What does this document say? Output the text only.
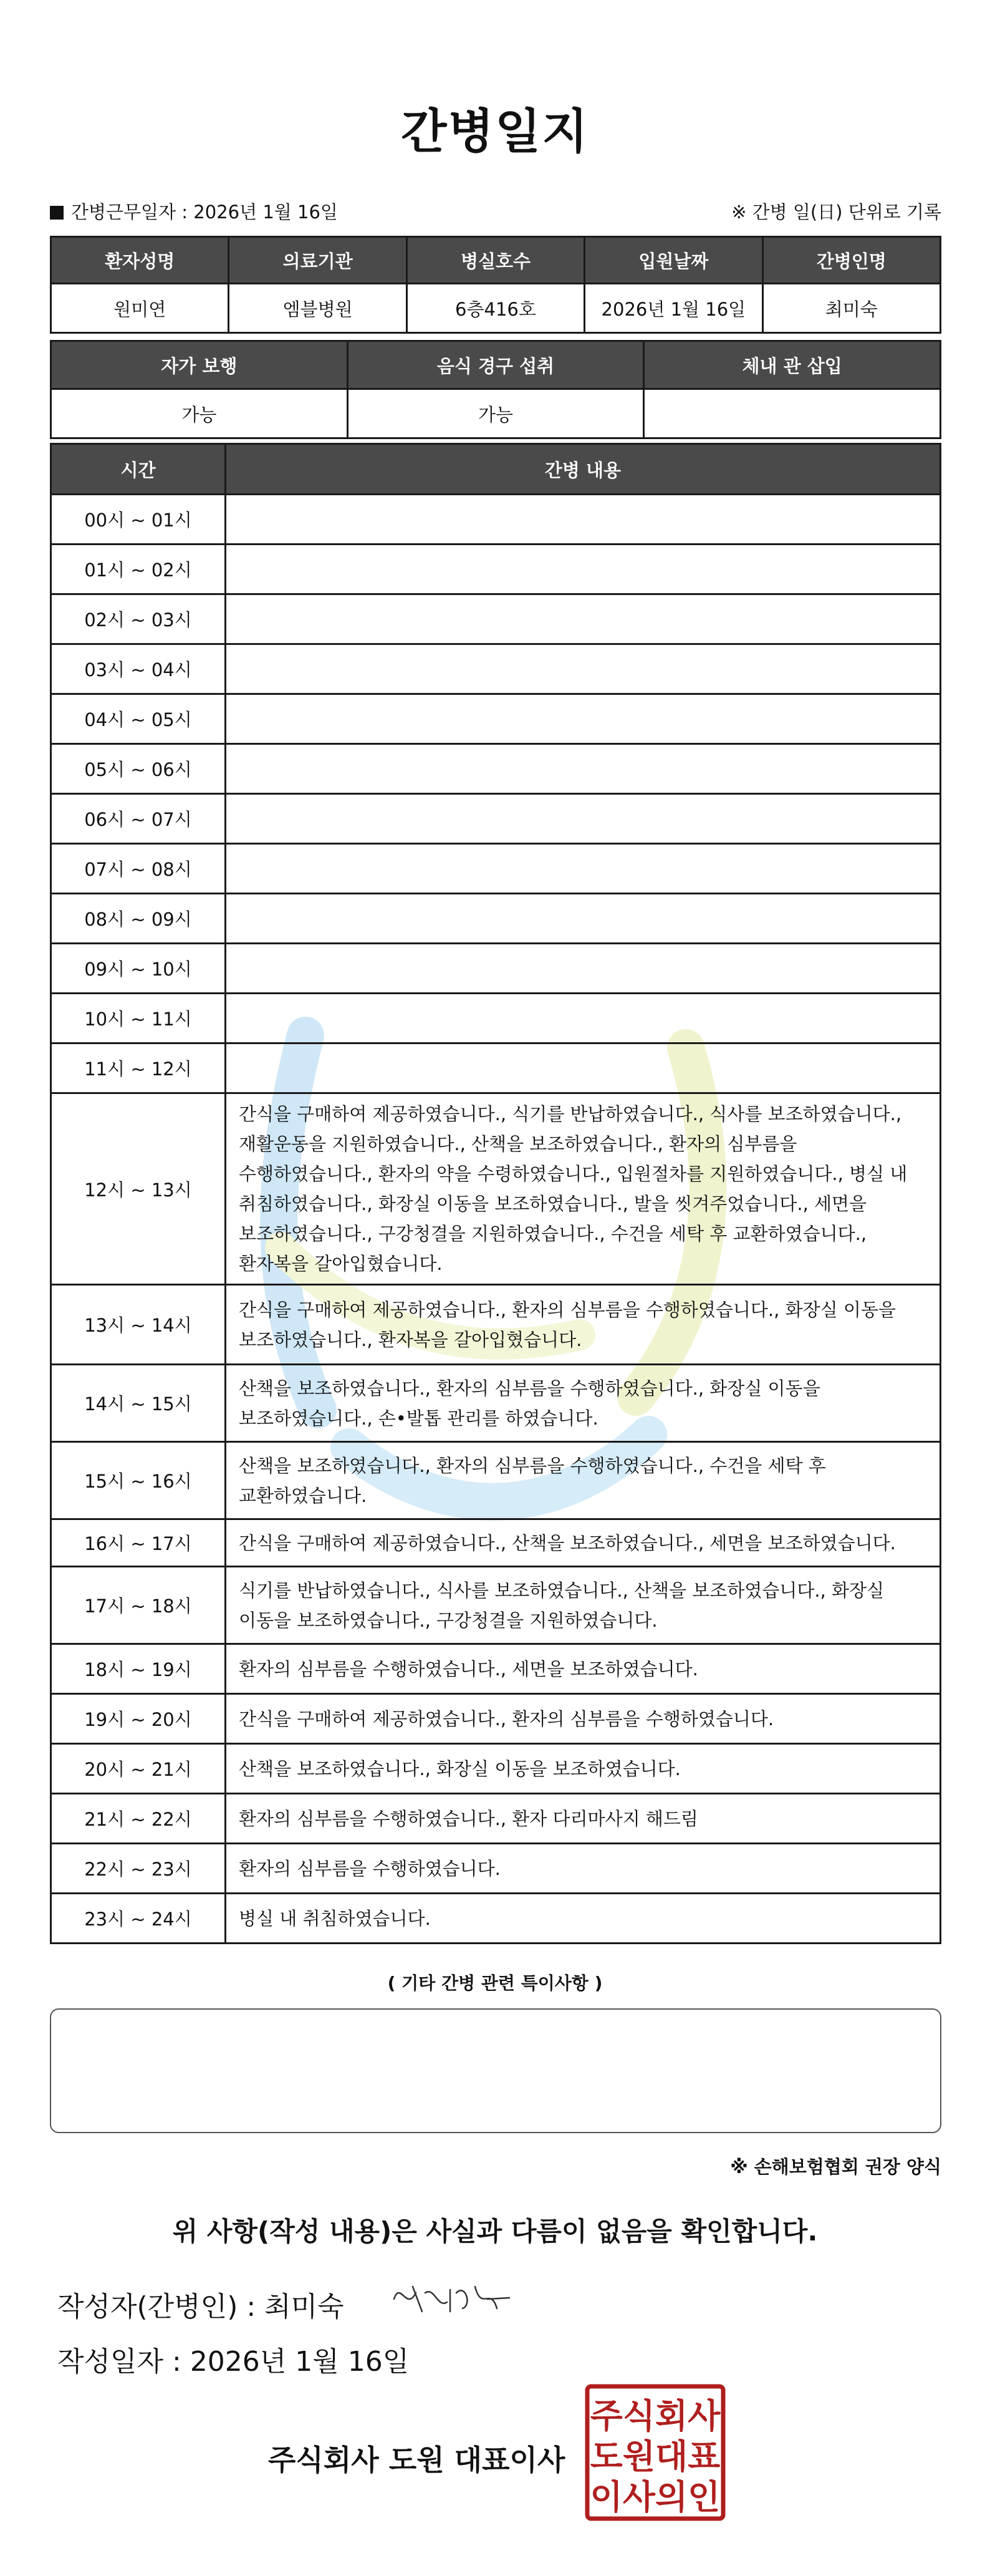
간병일지
간병근무일자 : 2026년 1월 16일	※ 간병 일(日) 단위로 기록
환자성명	의료기관	병실호수	입원날짜	간병인명
원미연	엠블병원	6층416호	2026년 1월 16일	최미숙
자가 보행	음식 경구 섭취	체내 관 삽입
가능	가능	
시간	간병 내용
00시 ~ 01시	
01시 ~ 02시	
02시 ~ 03시	
03시 ~ 04시	
04시 ~ 05시	
05시 ~ 06시	
06시 ~ 07시	
07시 ~ 08시	
08시 ~ 09시	
09시 ~ 10시	
10시 ~ 11시	
11시 ~ 12시	
12시 ~ 13시	간식을 구매하여 제공하였습니다., 식기를 반납하였습니다., 식사를 보조하였습니다., 재활운동을 지원하였습니다., 산책을 보조하였습니다., 환자의 심부름을 수행하였습니다., 환자의 약을 수령하였습니다., 입원절차를 지원하였습니다., 병실 내 취침하였습니다., 화장실 이동을 보조하였습니다., 발을 씻겨주었습니다., 세면을 보조하였습니다., 구강청결을 지원하였습니다., 수건을 세탁 후 교환하였습니다., 환자복을 갈아입혔습니다.
13시 ~ 14시	간식을 구매하여 제공하였습니다., 환자의 심부름을 수행하였습니다., 화장실 이동을 보조하였습니다., 환자복을 갈아입혔습니다.
14시 ~ 15시	산책을 보조하였습니다., 환자의 심부름을 수행하였습니다., 화장실 이동을 보조하였습니다., 손•발톱 관리를 하였습니다.
15시 ~ 16시	산책을 보조하였습니다., 환자의 심부름을 수행하였습니다., 수건을 세탁 후 교환하였습니다.
16시 ~ 17시	간식을 구매하여 제공하였습니다., 산책을 보조하였습니다., 세면을 보조하였습니다.
17시 ~ 18시	식기를 반납하였습니다., 식사를 보조하였습니다., 산책을 보조하였습니다., 화장실 이동을 보조하였습니다., 구강청결을 지원하였습니다.
18시 ~ 19시	환자의 심부름을 수행하였습니다., 세면을 보조하였습니다.
19시 ~ 20시	간식을 구매하여 제공하였습니다., 환자의 심부름을 수행하였습니다.
20시 ~ 21시	산책을 보조하였습니다., 화장실 이동을 보조하였습니다.
21시 ~ 22시	환자의 심부름을 수행하였습니다., 환자 다리마사지 해드림
22시 ~ 23시	환자의 심부름을 수행하였습니다.
23시 ~ 24시	병실 내 취침하였습니다.
( 기타 간병 관련 특이사항 )
※ 손해보험협회 권장 양식
위 사항(작성 내용)은 사실과 다름이 없음을 확인합니다.
작성자(간병인) : 최미숙
작성일자 : 2026년 1월 16일
주식회사 도원 대표이사
주식회사
도원대표
이사의인
